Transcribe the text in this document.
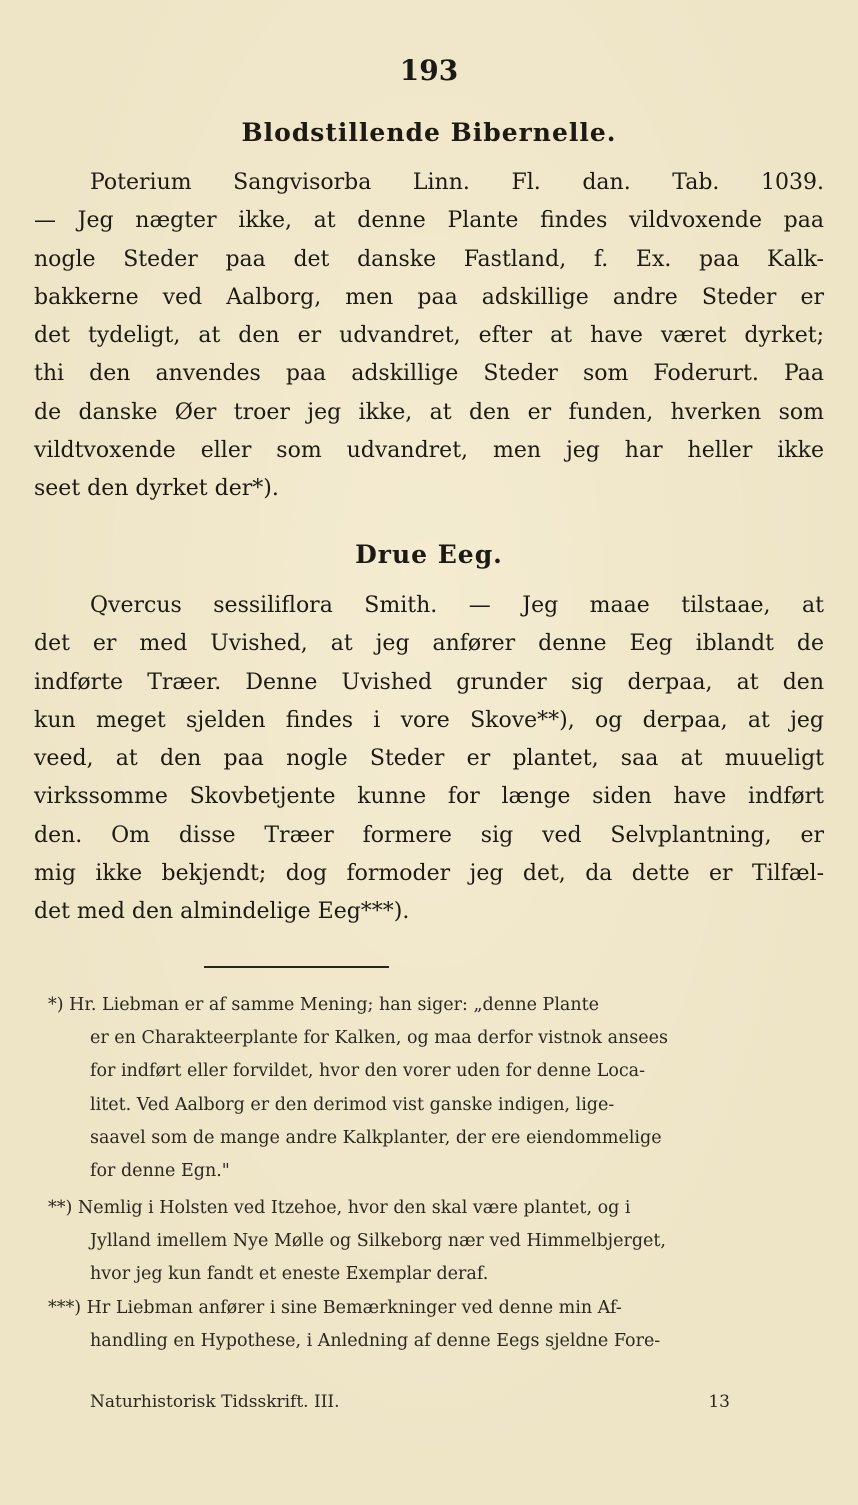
193
Blodstillende Bibernelle.
Poterium Sangvisorba Linn. Fl. dan. Tab. 1039.
— Jeg nægter ikke, at denne Plante findes vildvoxende paa
nogle Steder paa det danske Fastland, f. Ex. paa Kalk-
bakkerne ved Aalborg, men paa adskillige andre Steder er
det tydeligt, at den er udvandret, efter at have været dyrket;
thi den anvendes paa adskillige Steder som Foderurt. Paa
de danske Øer troer jeg ikke, at den er funden, hverken som
vildtvoxende eller som udvandret, men jeg har heller ikke
seet den dyrket der*).
Drue Eeg.
Qvercus sessiliflora Smith. — Jeg maae tilstaae, at
det er med Uvished, at jeg anfører denne Eeg iblandt de
indførte Træer. Denne Uvished grunder sig derpaa, at den
kun meget sjelden findes i vore Skove**), og derpaa, at jeg
veed, at den paa nogle Steder er plantet, saa at muueligt
virkssomme Skovbetjente kunne for længe siden have indført
den. Om disse Træer formere sig ved Selvplantning, er
mig ikke bekjendt; dog formoder jeg det, da dette er Tilfæl-
det med den almindelige Eeg***).
*) Hr. Liebman er af samme Mening; han siger: „denne Plante
er en Charakteerplante for Kalken, og maa derfor vistnok ansees
for indført eller forvildet, hvor den vorer uden for denne Loca-
litet. Ved Aalborg er den derimod vist ganske indigen, lige-
saavel som de mange andre Kalkplanter, der ere eiendommelige
for denne Egn."
**) Nemlig i Holsten ved Itzehoe, hvor den skal være plantet, og i
Jylland imellem Nye Mølle og Silkeborg nær ved Himmelbjerget,
hvor jeg kun fandt et eneste Exemplar deraf.
***) Hr Liebman anfører i sine Bemærkninger ved denne min Af-
handling en Hypothese, i Anledning af denne Eegs sjeldne Fore-
Naturhistorisk Tidsskrift. III.	13
